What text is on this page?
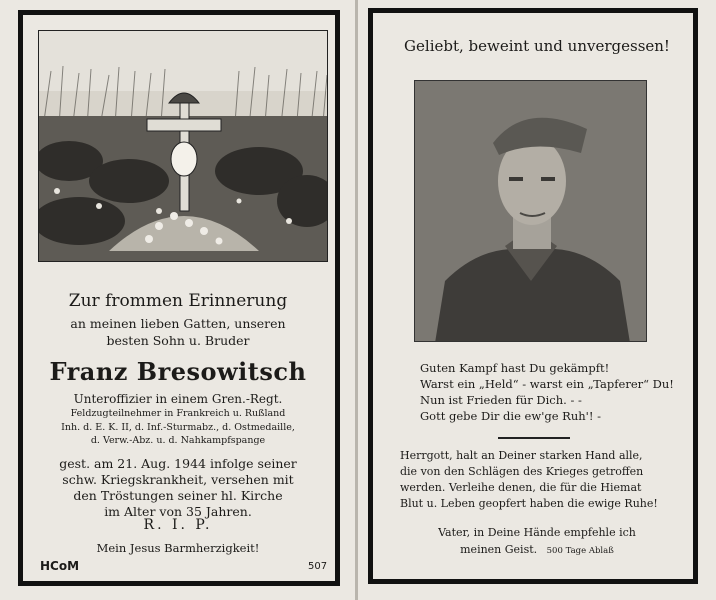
Zur frommen Erinnerung
an meinen lieben Gatten, unseren
besten Sohn u. Bruder
Franz Bresowitsch
Unteroffizier in einem Gren.-Regt.
Feldzugteilnehmer in Frankreich u. Rußland
Inh. d. E. K. II, d. Inf.-Sturmabz., d. Ostmedaille,
d. Verw.-Abz. u. d. Nahkampfspange
gest. am 21. Aug. 1944 infolge seiner
schw. Kriegskrankheit, versehen mit
den Tröstungen seiner hl. Kirche
im Alter von 35 Jahren.
R. I. P.
Mein Jesus Barmherzigkeit!
HCoM	507
Geliebt, beweint und unvergessen!
Guten Kampf hast Du gekämpft!
Warst ein „Held“ - warst ein „Tapferer“ Du!
Nun ist Frieden für Dich. - -
Gott gebe Dir die ew'ge Ruh'! -
Herrgott, halt an Deiner starken Hand alle,
die von den Schlägen des Krieges getroffen
werden. Verleihe denen, die für die Hiemat
Blut u. Leben geopfert haben die ewige Ruhe!
Vater, in Deine Hände empfehle ich
meinen Geist. 500 Tage Ablaß
